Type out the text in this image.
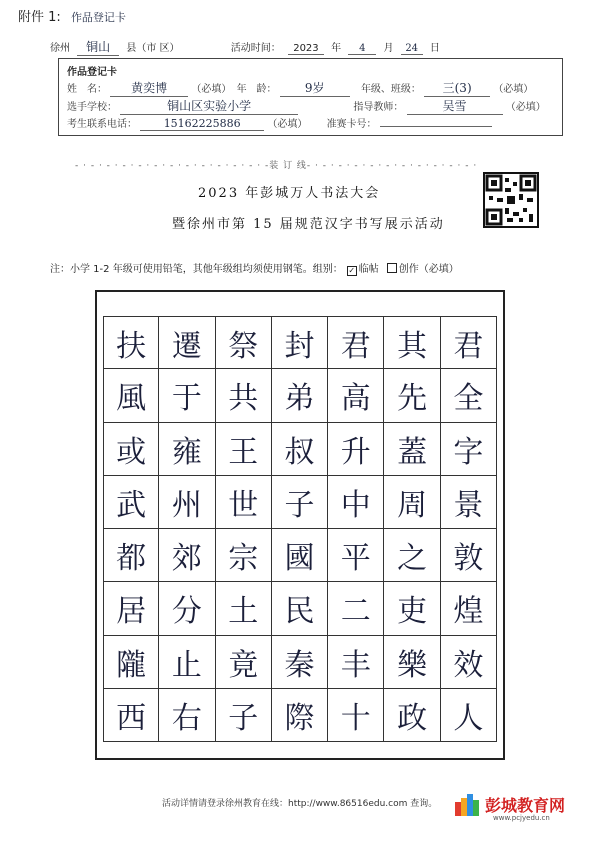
附件 1: 作品登记卡
徐州 铜山 县（市 区）	活动时间： 2023 年 4 月 24 日
作品登记卡
姓　名： 黄奕博 （必填） 年　龄： 9岁	年级、班级： 三(3) （必填）
选手学校：	铜山区实验小学	指导教师：	吴雪	（必填）
考生联系电话： 15162225886	（必填） 准赛卡号：
- · - · - · - · - · - · - · - · - · - · - · - · -装 订 线- · - · - · - · - · - · - · - · - · - · - ·
2023 年彭城万人书法大会
暨徐州市第 15 届规范汉字书写展示活动
注：小学 1-2 年级可使用铅笔，其他年级组均须使用钢笔。组别： ✓ 临帖 创作（必填）
扶 遷 祭 封 君 其 君
風 于 共 弟 高 先 全
或 雍 王 叔 升 蓋 字
武 州 世 子 中 周 景
都 郊 宗 國 平 之 敦
居 分 土 民 二 吏 煌
隴 止 竟 秦 丰 樂 效
西 右 子 際 十 政 人
活动详情请登录徐州教育在线：http://www.86516edu.com 查询。	彭城教育网
www.pcjyedu.cn
